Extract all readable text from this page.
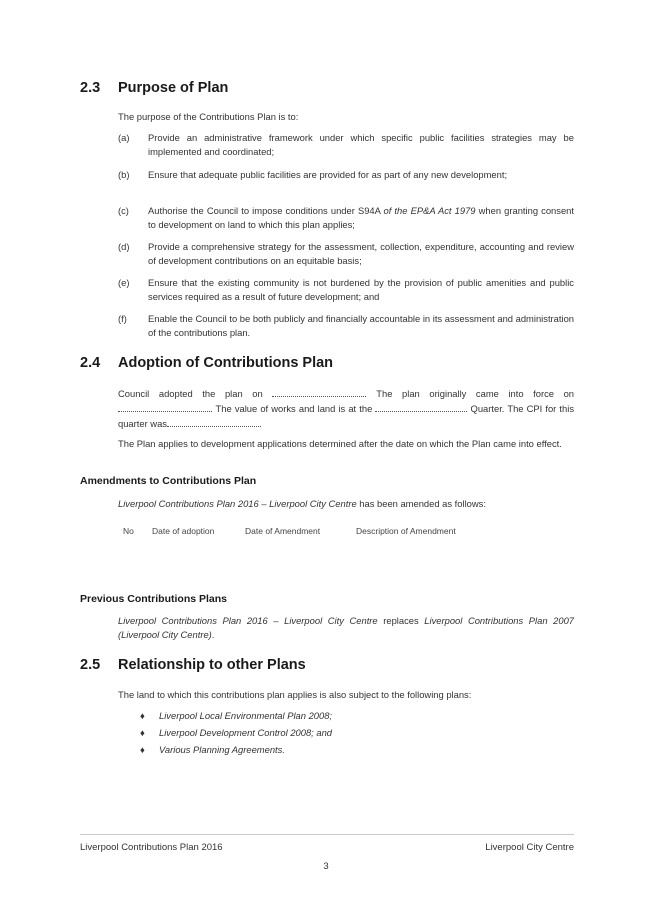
2.3 Purpose of Plan
The purpose of the Contributions Plan is to:
(a) Provide an administrative framework under which specific public facilities strategies may be implemented and coordinated;
(b) Ensure that adequate public facilities are provided for as part of any new development;
(c) Authorise the Council to impose conditions under S94A of the EP&A Act 1979 when granting consent to development on land to which this plan applies;
(d) Provide a comprehensive strategy for the assessment, collection, expenditure, accounting and review of development contributions on an equitable basis;
(e) Ensure that the existing community is not burdened by the provision of public amenities and public services required as a result of future development; and
(f) Enable the Council to be both publicly and financially accountable in its assessment and administration of the contributions plan.
2.4 Adoption of Contributions Plan
Council adopted the plan on	. The plan originally came into force on . The value of works and land is at the	Quarter. The CPI for this quarter was	.
The Plan applies to development applications determined after the date on which the Plan came into effect.
Amendments to Contributions Plan
Liverpool Contributions Plan 2016 – Liverpool City Centre has been amended as follows:
No Date of adoption	Date of Amendment	Description of Amendment
Previous Contributions Plans
Liverpool Contributions Plan 2016 – Liverpool City Centre replaces Liverpool Contributions Plan 2007 (Liverpool City Centre).
2.5 Relationship to other Plans
The land to which this contributions plan applies is also subject to the following plans:
♦ Liverpool Local Environmental Plan 2008;
♦ Liverpool Development Control 2008; and
♦ Various Planning Agreements.
Liverpool Contributions Plan 2016	Liverpool City Centre
3
